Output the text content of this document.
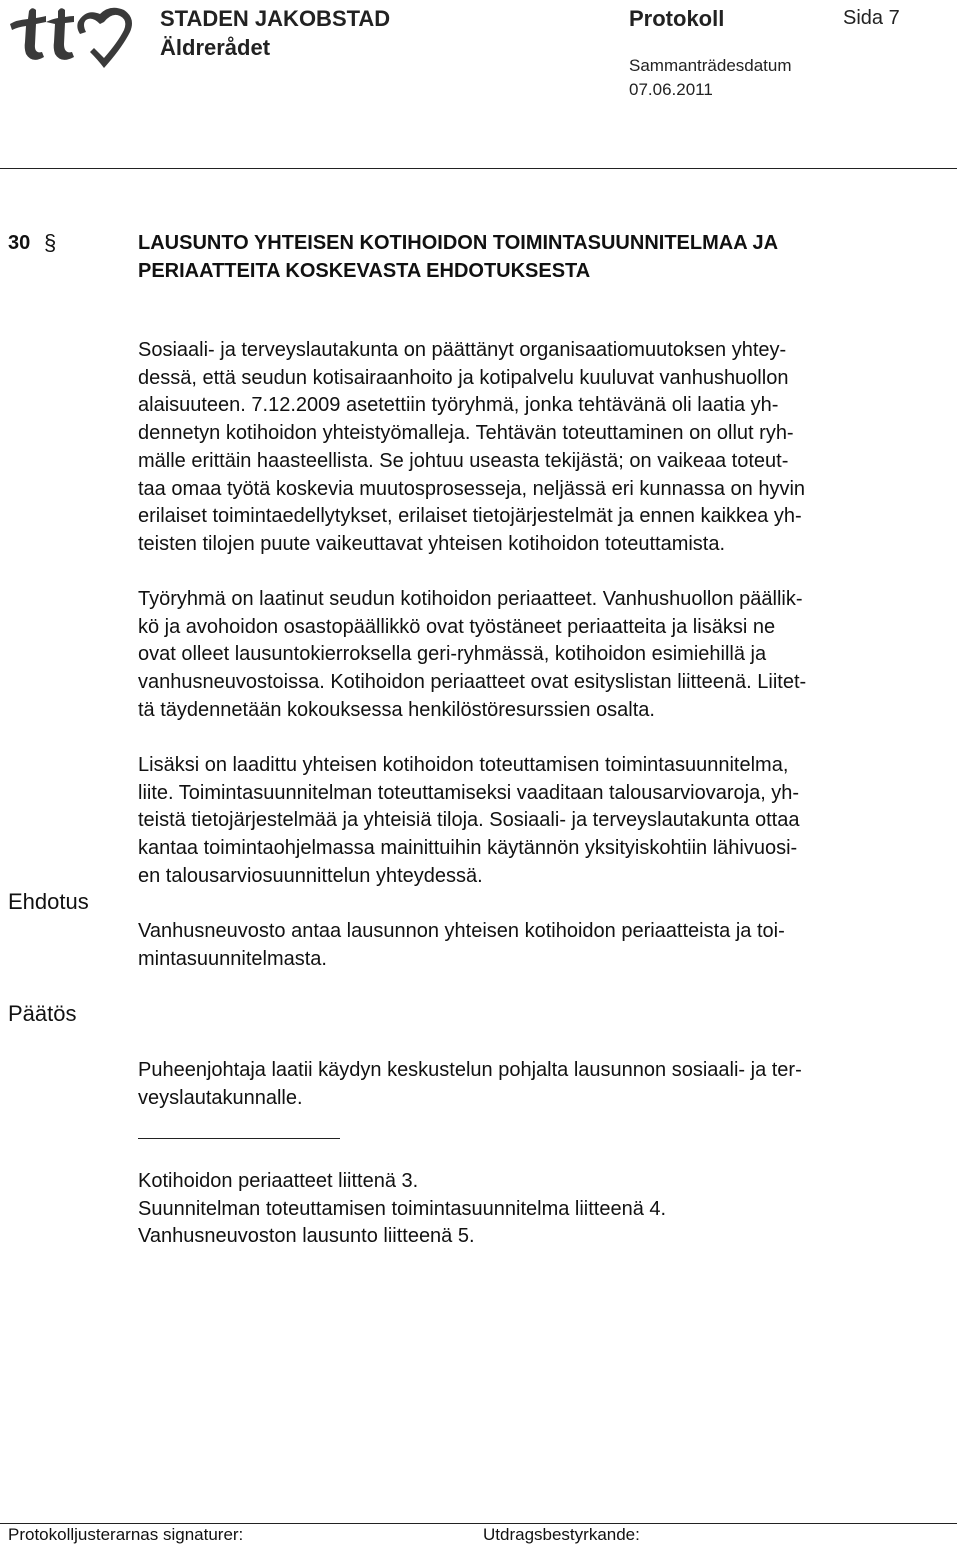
STADEN JAKOBSTAD
Äldrerådet
Protokoll	Sida 7
Sammanträdesdatum
07.06.2011
30 §	LAUSUNTO YHTEISEN KOTIHOIDON TOIMINTASUUNNITELMAA JA
PERIAATTEITA KOSKEVASTA EHDOTUKSESTA

Sosiaali- ja terveyslautakunta on päättänyt organisaatiomuutoksen yhtey-
dessä, että seudun kotisairaanhoito ja kotipalvelu kuuluvat vanhushuollon
alaisuuteen. 7.12.2009 asetettiin työryhmä, jonka tehtävänä oli laatia yh-
dennetyn kotihoidon yhteistyömalleja. Tehtävän toteuttaminen on ollut ryh-
mälle erittäin haasteellista. Se johtuu useasta tekijästä; on vaikeaa toteut-
taa omaa työtä koskevia muutosprosesseja, neljässä eri kunnassa on hyvin
erilaiset toimintaedellytykset, erilaiset tietojärjestelmät ja ennen kaikkea yh-
teisten tilojen puute vaikeuttavat yhteisen kotihoidon toteuttamista.

Työryhmä on laatinut seudun kotihoidon periaatteet. Vanhushuollon päällik-
kö ja avohoidon osastopäällikkö ovat työstäneet periaatteita ja lisäksi ne
ovat olleet lausuntokierroksella geri-ryhmässä, kotihoidon esimiehillä ja
vanhusneuvostoissa. Kotihoidon periaatteet ovat esityslistan liitteenä. Liitet-
tä täydennetään kokouksessa henkilöstöresurssien osalta.

Lisäksi on laadittu yhteisen kotihoidon toteuttamisen toimintasuunnitelma,
liite. Toimintasuunnitelman toteuttamiseksi vaaditaan talousarviovaroja, yh-
teistä tietojärjestelmää ja yhteisiä tiloja. Sosiaali- ja terveyslautakunta ottaa
kantaa toimintaohjelmassa mainittuihin käytännön yksityiskohtiin lähivuosi-
en talousarviosuunnittelun yhteydessä.

Vanhusneuvosto antaa lausunnon yhteisen kotihoidon periaatteista ja toi-
mintasuunnitelmasta.

Puheenjohtaja laatii käydyn keskustelun pohjalta lausunnon sosiaali- ja ter-
veyslautakunnalle.

Ehdotus
Päätös

Kotihoidon periaatteet liittenä 3.
Suunnitelman toteuttamisen toimintasuunnitelma liitteenä 4.
Vanhusneuvoston lausunto liitteenä 5.

Protokolljusterarnas signaturer:	Utdragsbestyrkande:
